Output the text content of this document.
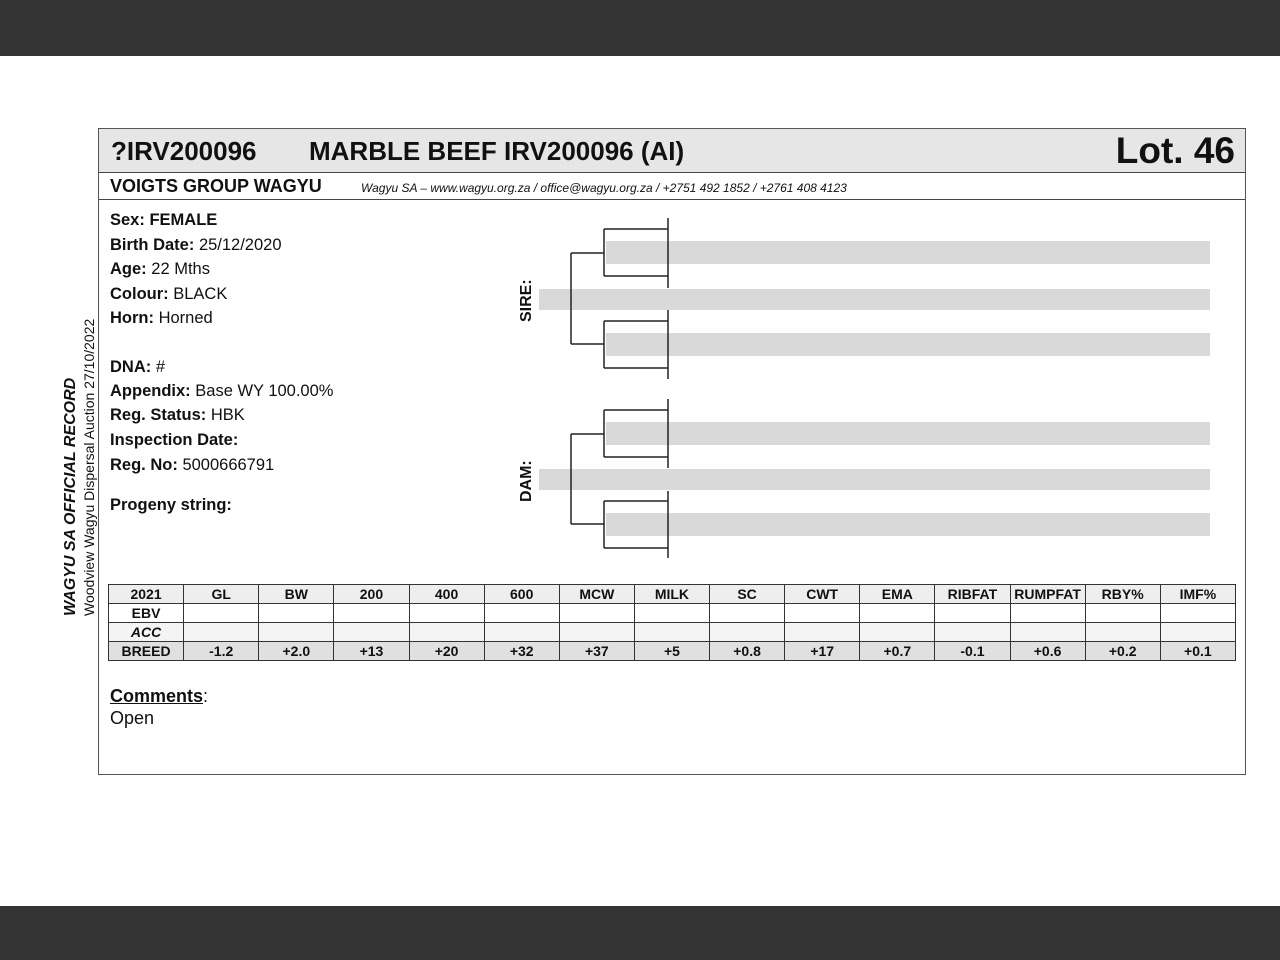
WAGYU SA OFFICIAL RECORD Woodview Wagyu Dispersal Auction 27/10/2022
?IRV200096 MARBLE BEEF IRV200096 (AI)	Lot. 46
VOIGTS GROUP WAGYU	Wagyu SA – www.wagyu.org.za / office@wagyu.org.za / +2751 492 1852 / +2761 408 4123
Sex: FEMALE
Birth Date: 25/12/2020
Age: 22 Mths
Colour: BLACK
Horn: Horned
DNA: #
Appendix: Base WY 100.00%
Reg. Status: HBK
Inspection Date:
Reg. No: 5000666791
Progeny string:
SIRE:
DAM:
2021	GL	BW	200	400	600	MCW	MILK	SC	CWT	EMA	RIBFAT	RUMPFAT	RBY%	IMF%
EBV														
ACC														
BREED	-1.2	+2.0	+13	+20	+32	+37	+5	+0.8	+17	+0.7	-0.1	+0.6	+0.2	+0.1
Comments:
Open
